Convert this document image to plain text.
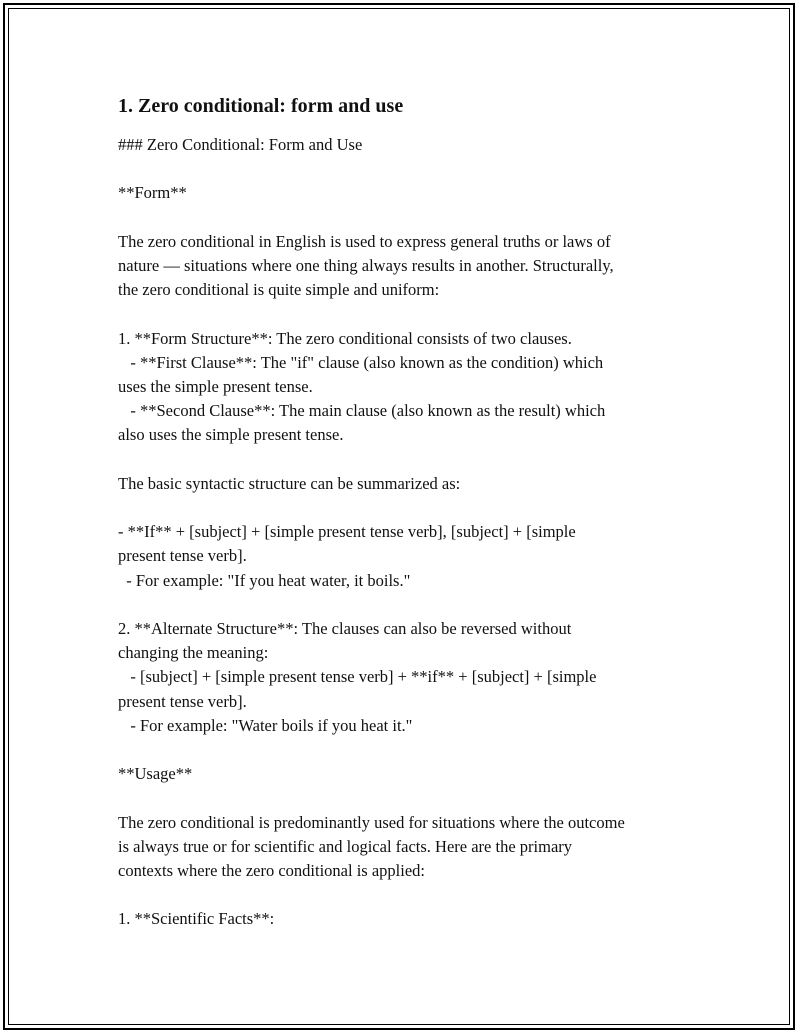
1. Zero conditional: form and use
### Zero Conditional: Form and Use
**Form**
The zero conditional in English is used to express general truths or laws of
nature — situations where one thing always results in another. Structurally,
the zero conditional is quite simple and uniform:
1. **Form Structure**: The zero conditional consists of two clauses.
- **First Clause**: The "if" clause (also known as the condition) which
uses the simple present tense.
- **Second Clause**: The main clause (also known as the result) which
also uses the simple present tense.
The basic syntactic structure can be summarized as:
- **If** + [subject] + [simple present tense verb], [subject] + [simple
present tense verb].
- For example: "If you heat water, it boils."
2. **Alternate Structure**: The clauses can also be reversed without
changing the meaning:
- [subject] + [simple present tense verb] + **if** + [subject] + [simple
present tense verb].
- For example: "Water boils if you heat it."
**Usage**
The zero conditional is predominantly used for situations where the outcome
is always true or for scientific and logical facts. Here are the primary
contexts where the zero conditional is applied:
1. **Scientific Facts**:
